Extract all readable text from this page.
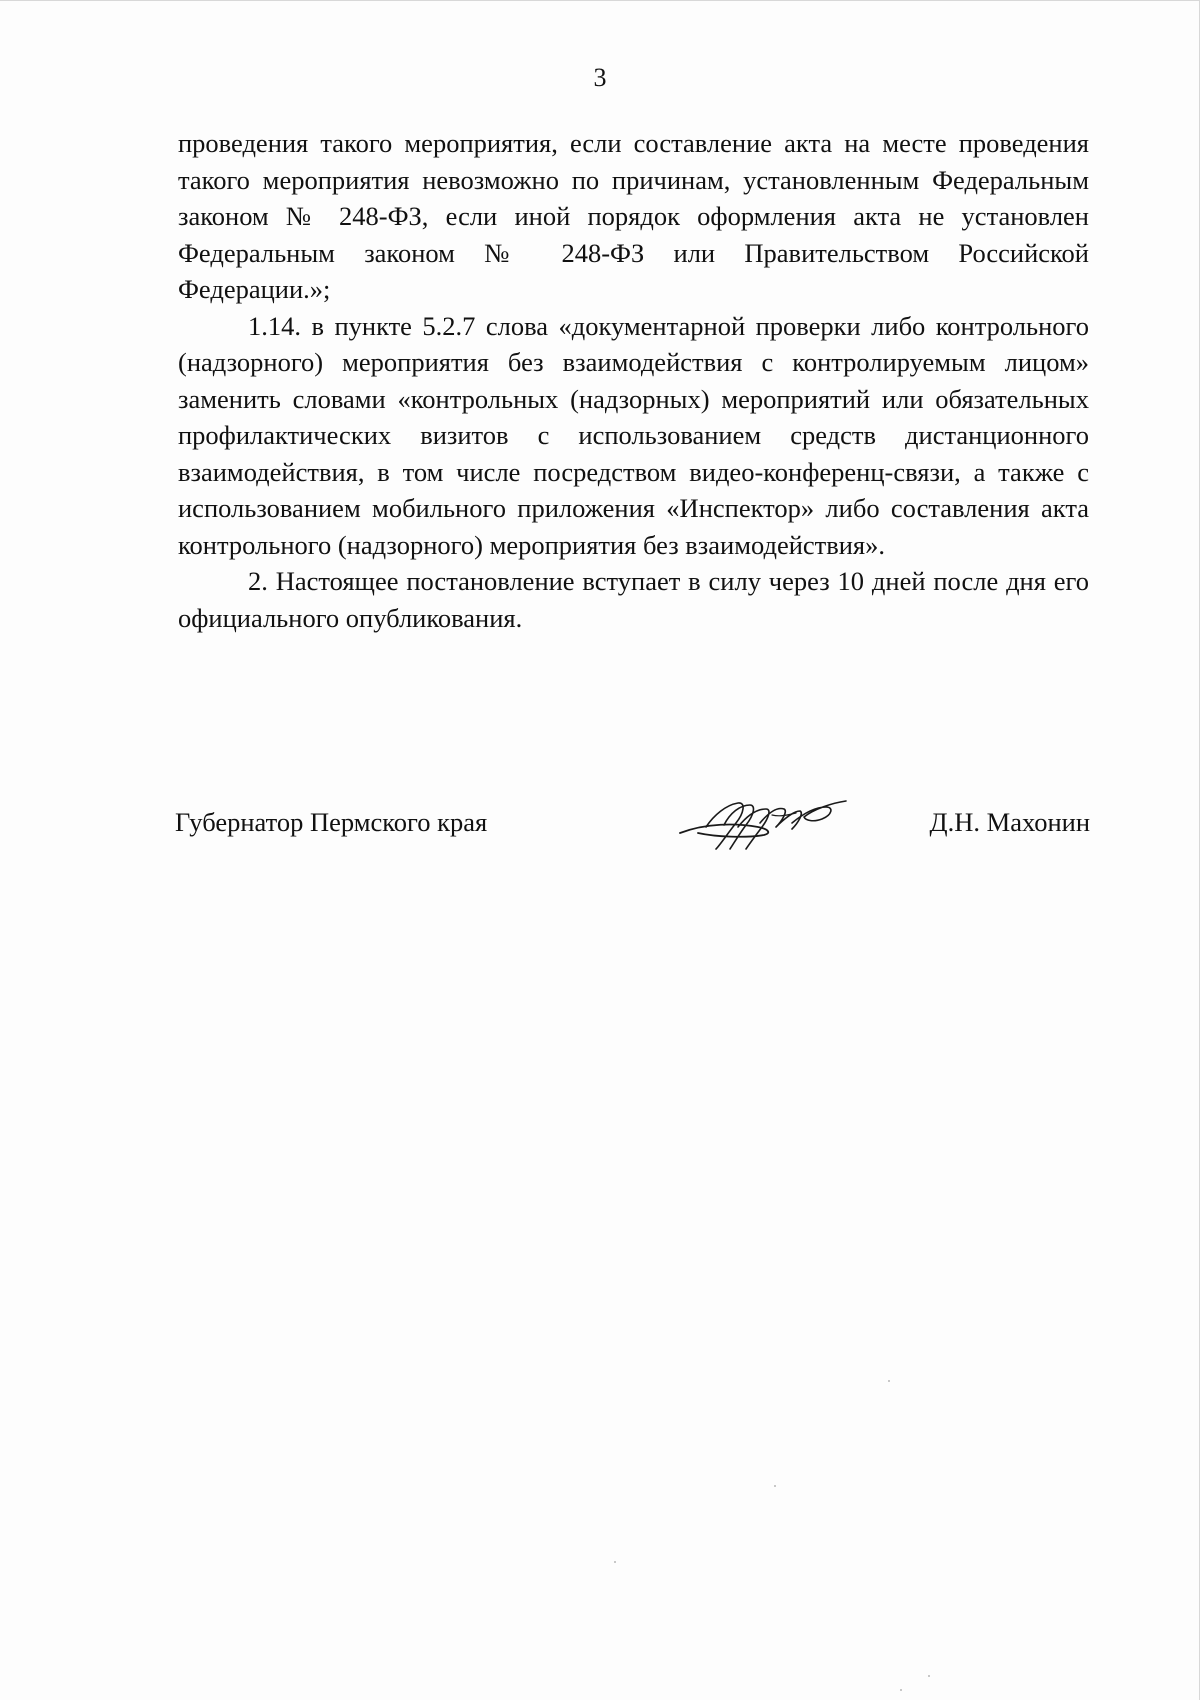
3

проведения такого мероприятия, если составление акта на месте проведения такого мероприятия невозможно по причинам, установленным Федеральным законом № 248-ФЗ, если иной порядок оформления акта не установлен Федеральным законом № 248-ФЗ или Правительством Российской Федерации.»;

1.14. в пункте 5.2.7 слова «документарной проверки либо контрольного (надзорного) мероприятия без взаимодействия с контролируемым лицом» заменить словами «контрольных (надзорных) мероприятий или обязательных профилактических визитов с использованием средств дистанционного взаимодействия, в том числе посредством видео-конференц-связи, а также с использованием мобильного приложения «Инспектор» либо составления акта контрольного (надзорного) мероприятия без взаимодействия».

2. Настоящее постановление вступает в силу через 10 дней после дня его официального опубликования.

Губернатор Пермского края	Д.Н. Махонин
